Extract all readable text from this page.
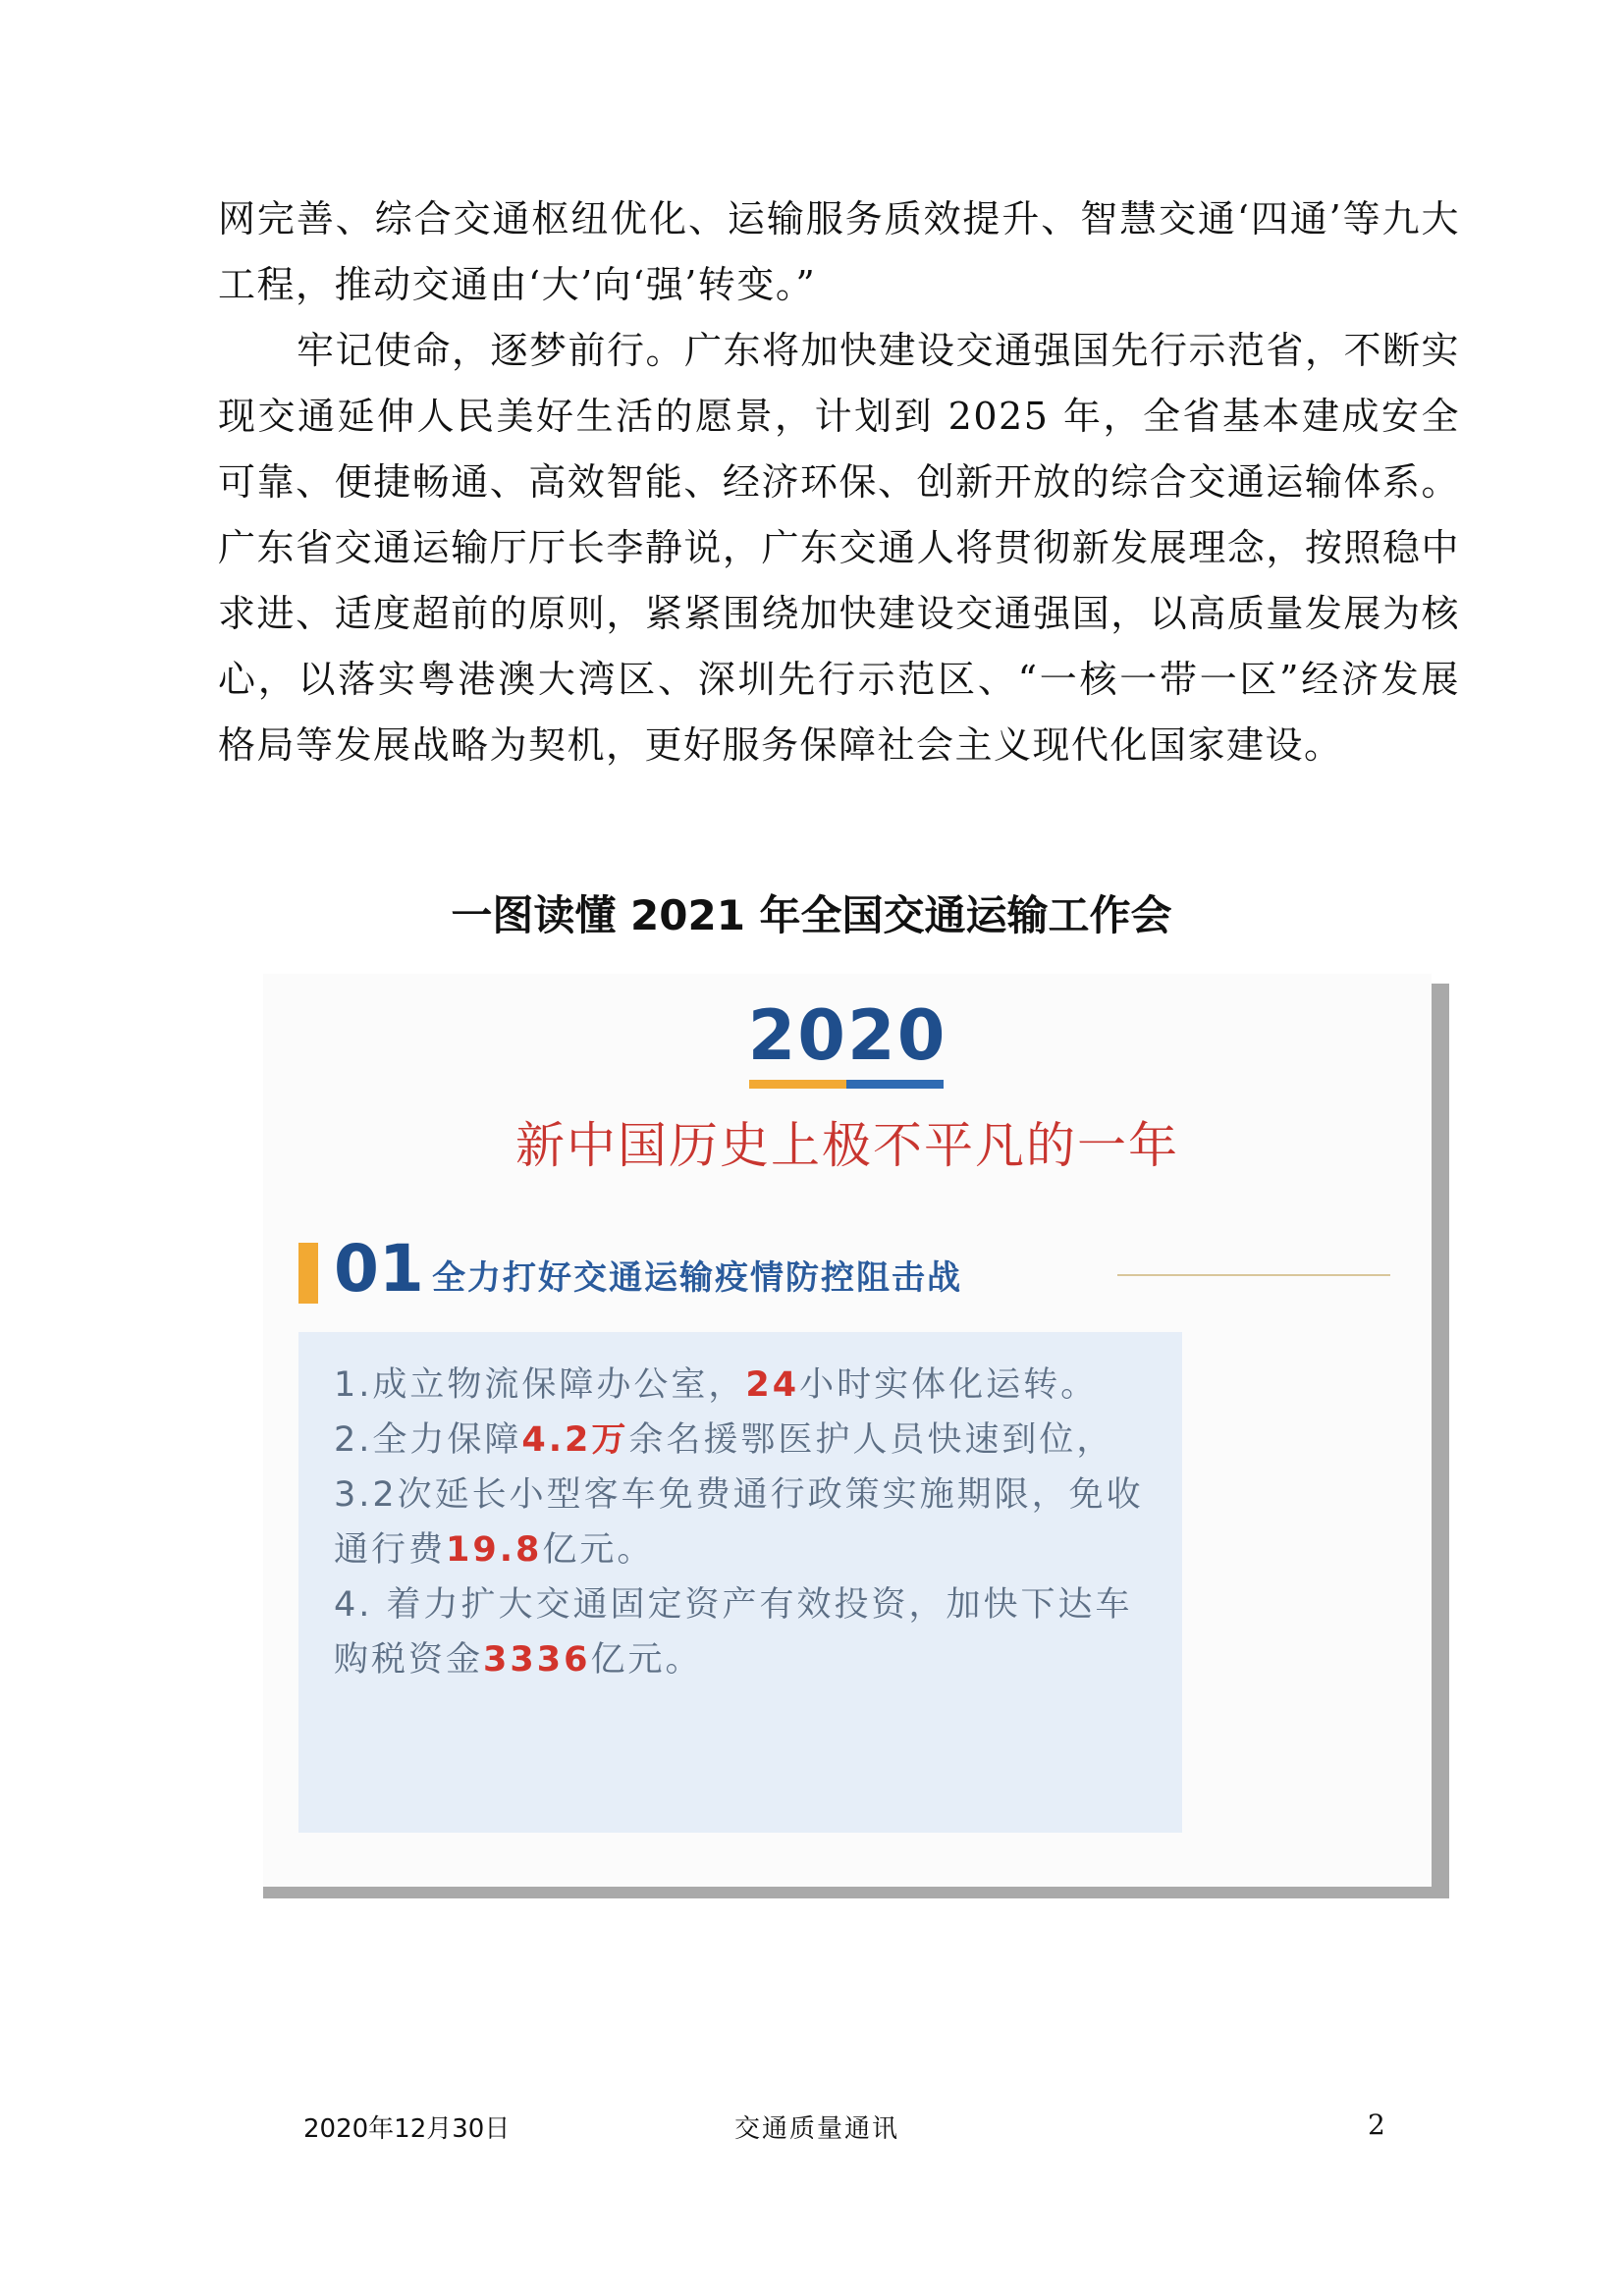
网完善、综合交通枢纽优化、运输服务质效提升、智慧交通‘四通’等九大工程，推动交通由‘大’向‘强’转变。”

牢记使命，逐梦前行。广东将加快建设交通强国先行示范省，不断实现交通延伸人民美好生活的愿景，计划到 2025 年，全省基本建成安全可靠、便捷畅通、高效智能、经济环保、创新开放的综合交通运输体系。广东省交通运输厅厅长李静说，广东交通人将贯彻新发展理念，按照稳中求进、适度超前的原则，紧紧围绕加快建设交通强国，以高质量发展为核心，以落实粤港澳大湾区、深圳先行示范区、“一核一带一区”经济发展格局等发展战略为契机，更好服务保障社会主义现代化国家建设。

一图读懂 2021 年全国交通运输工作会
2020
新中国历史上极不平凡的一年
01 全力打好交通运输疫情防控阻击战

1.成立物流保障办公室，24小时实体化运转。

2.全力保障4.2万余名援鄂医护人员快速到位，

3.2次延长小型客车免费通行政策实施期限，免收通行费19.8亿元。

4. 着力扩大交通固定资产有效投资，加快下达车购税资金3336亿元。

2020年12月30日	交通质量通讯	2
